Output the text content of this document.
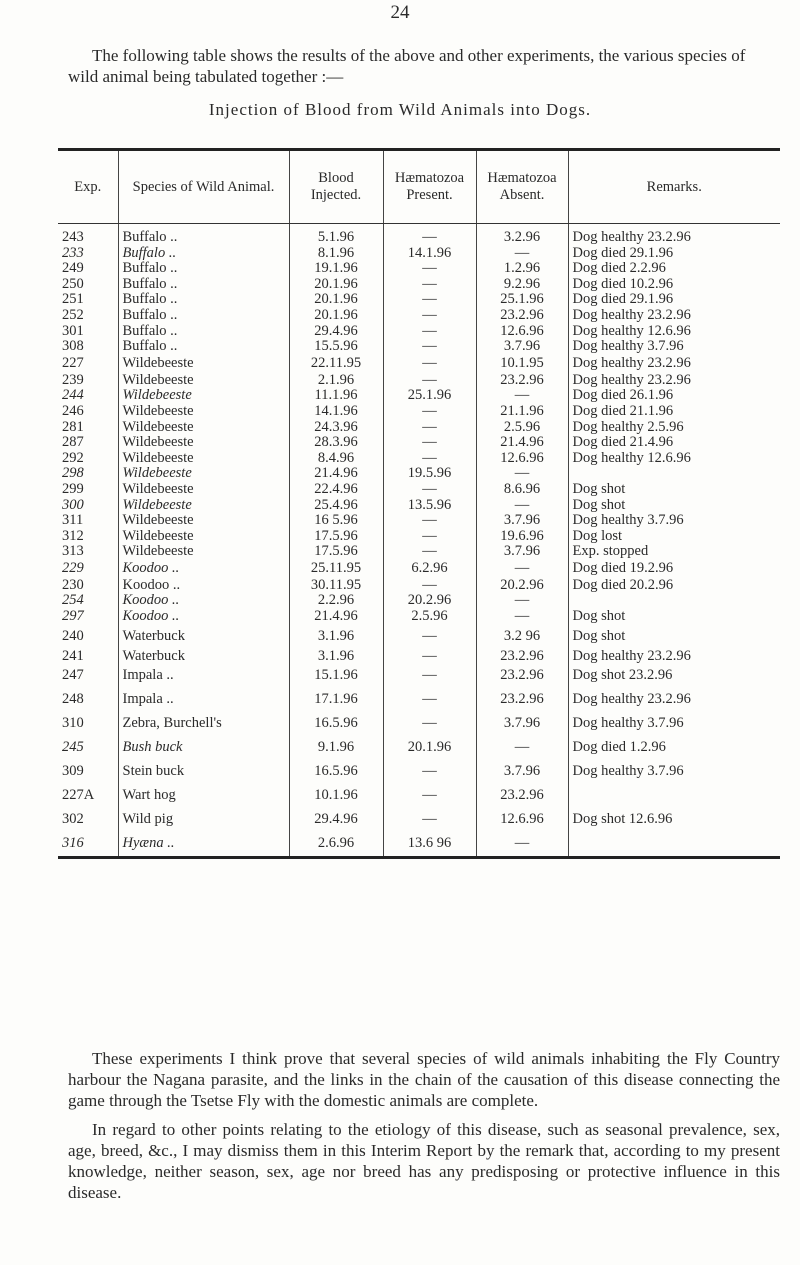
24

The following table shows the results of the above and other experiments, the various species of wild animal being tabulated together :—

Injection of Blood from Wild Animals into Dogs.
Exp.	Species of Wild Animal.	Blood Injected.	Hæmatozoa Present.	Hæmatozoa Absent.	Remarks.
243	Buffalo ..	5.1.96	—	3.2.96	Dog healthy 23.2.96
233	Buffalo ..	8.1.96	14.1.96	—	Dog died 29.1.96
249	Buffalo ..	19.1.96	—	1.2.96	Dog died 2.2.96
250	Buffalo ..	20.1.96	—	9.2.96	Dog died 10.2.96
251	Buffalo ..	20.1.96	—	25.1.96	Dog died 29.1.96
252	Buffalo ..	20.1.96	—	23.2.96	Dog healthy 23.2.96
301	Buffalo ..	29.4.96	—	12.6.96	Dog healthy 12.6.96
308	Buffalo ..	15.5.96	—	3.7.96	Dog healthy 3.7.96
227	Wildebeeste	22.11.95	—	10.1.95	Dog healthy 23.2.96
239	Wildebeeste	2.1.96	—	23.2.96	Dog healthy 23.2.96
244	Wildebeeste	11.1.96	25.1.96	—	Dog died 26.1.96
246	Wildebeeste	14.1.96	—	21.1.96	Dog died 21.1.96
281	Wildebeeste	24.3.96	—	2.5.96	Dog healthy 2.5.96
287	Wildebeeste	28.3.96	—	21.4.96	Dog died 21.4.96
292	Wildebeeste	8.4.96	—	12.6.96	Dog healthy 12.6.96
298	Wildebeeste	21.4.96	19.5.96	—	
299	Wildebeeste	22.4.96	—	8.6.96	Dog shot
300	Wildebeeste	25.4.96	13.5.96	—	Dog shot
311	Wildebeeste	16 5.96	—	3.7.96	Dog healthy 3.7.96
312	Wildebeeste	17.5.96	—	19.6.96	Dog lost
313	Wildebeeste	17.5.96	—	3.7.96	Exp. stopped
229	Koodoo ..	25.11.95	6.2.96	—	Dog died 19.2.96
230	Koodoo ..	30.11.95	—	20.2.96	Dog died 20.2.96
254	Koodoo ..	2.2.96	20.2.96	—	
297	Koodoo ..	21.4.96	2.5.96	—	Dog shot
240	Waterbuck	3.1.96	—	3.2 96	Dog shot
241	Waterbuck	3.1.96	—	23.2.96	Dog healthy 23.2.96
247	Impala ..	15.1.96	—	23.2.96	Dog shot 23.2.96
248	Impala ..	17.1.96	—	23.2.96	Dog healthy 23.2.96
310	Zebra, Burchell's	16.5.96	—	3.7.96	Dog healthy 3.7.96
245	Bush buck	9.1.96	20.1.96	—	Dog died 1.2.96
309	Stein buck	16.5.96	—	3.7.96	Dog healthy 3.7.96
227A	Wart hog	10.1.96	—	23.2.96	
302	Wild pig	29.4.96	—	12.6.96	Dog shot 12.6.96
316	Hyæna ..	2.6.96	13.6 96	—	

These experiments I think prove that several species of wild animals inhabiting the Fly Country harbour the Nagana parasite, and the links in the chain of the causation of this disease connecting the game through the Tsetse Fly with the domestic animals are complete.

In regard to other points relating to the etiology of this disease, such as seasonal prevalence, sex, age, breed, &c., I may dismiss them in this Interim Report by the remark that, according to my present knowledge, neither season, sex, age nor breed has any predisposing or protective influence in this disease.
